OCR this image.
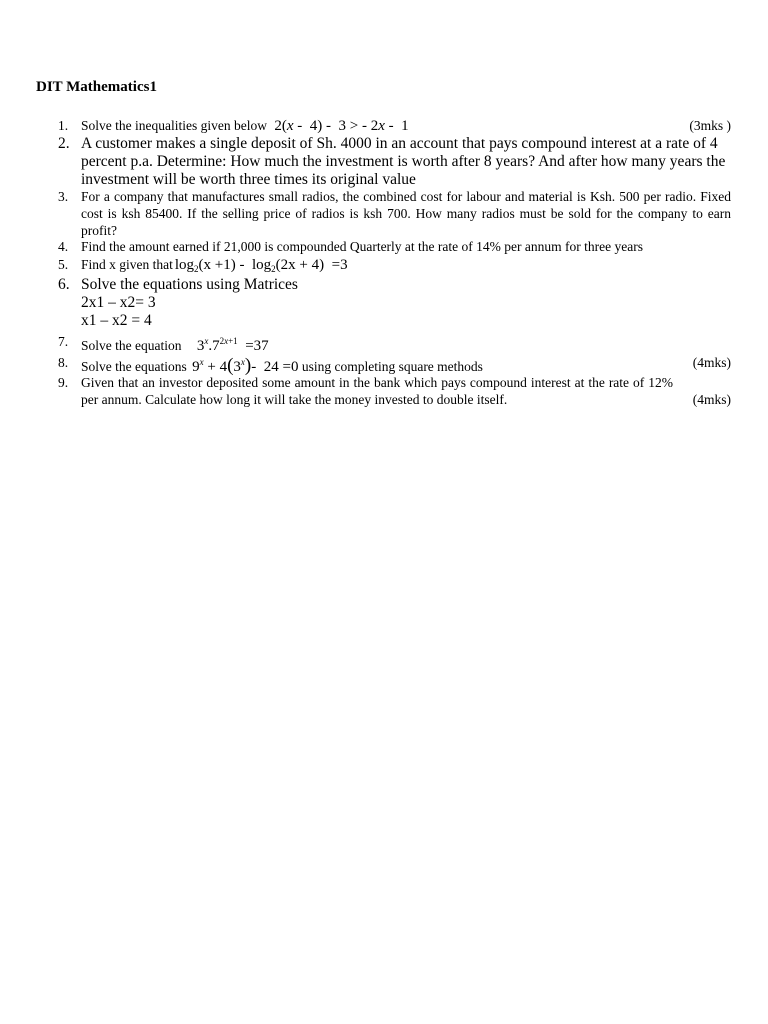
DIT Mathematics1
1. Solve the inequalities given below 2(x -  4) -  3 > - 2x -  1	(3mks )
2. A customer makes a single deposit of Sh. 4000 in an account that pays compound interest at a rate of 4 percent p.a. Determine: How much the investment is worth after 8 years? And after how many years the investment will be worth three times its original value
3. For a company that manufactures small radios, the combined cost for labour and material is Ksh. 500 per radio. Fixed cost is ksh 85400. If the selling price of radios is ksh 700. How many radios must be sold for the company to earn profit?
4. Find the amount earned if 21,000 is compounded Quarterly at the rate of 14% per annum for three years
5. Find x given that $\log_2(x +1) - \log_2(2x + 4) =3$
6. Solve the equations using Matrices
2x1 – x2= 3
x1 – x2 = 4
7. Solve the equation $3^x.7^{2x+1} =37$
8. Solve the equations $9^x + 4(3^x)-$  24 =0 using completing square methods	(4mks)
9. Given that an investor deposited some amount in the bank which pays compound interest at the rate of 12% per annum. Calculate how long it will take the money invested to double itself.	(4mks)
